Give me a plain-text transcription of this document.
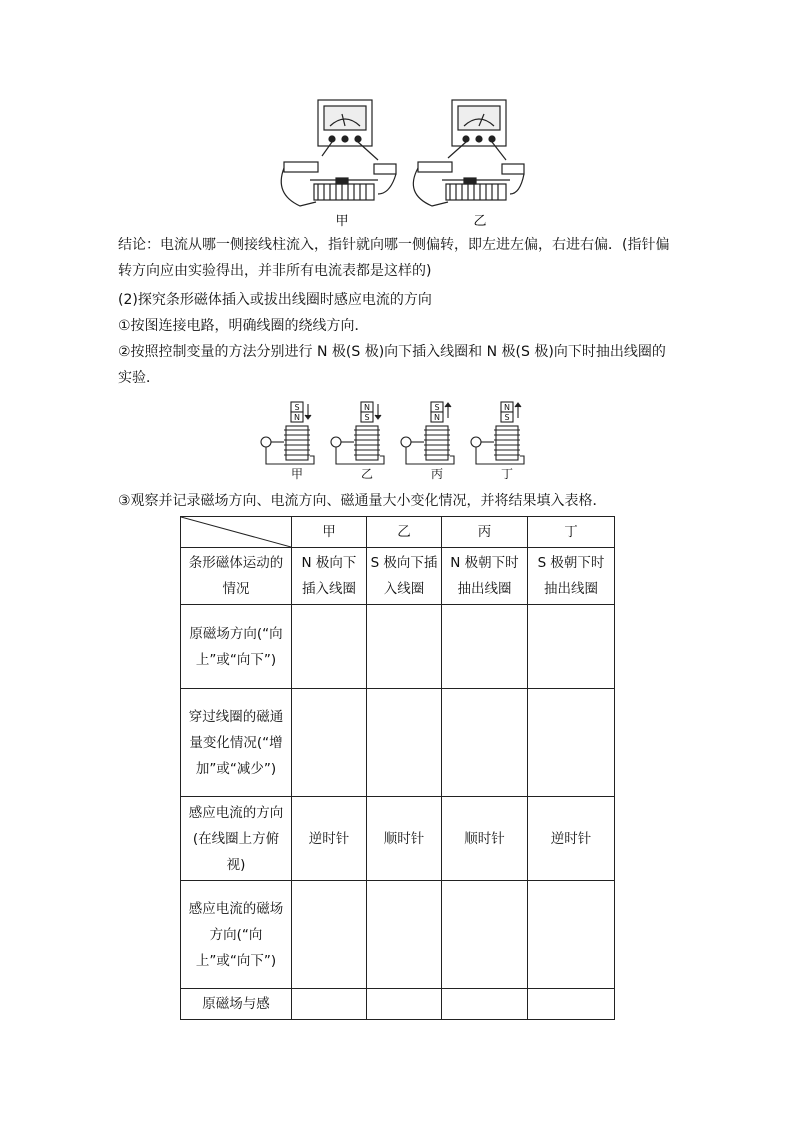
甲	乙

结论：电流从哪一侧接线柱流入，指针就向哪一侧偏转，即左进左偏，右进右偏．(指针偏转方向应由实验得出，并非所有电流表都是这样的)

(2)探究条形磁体插入或拔出线圈时感应电流的方向

①按图连接电路，明确线圈的绕线方向．

②按照控制变量的方法分别进行 N 极(S 极)向下插入线圈和 N 极(S 极)向下时抽出线圈的实验．

S
N
N
S
S
N
N
S
甲	乙	丙	丁

③观察并记录磁场方向、电流方向、磁通量大小变化情况，并将结果填入表格．

	甲	乙	丙	丁
条形磁体运动的情况	N 极向下插入线圈	S 极向下插入线圈	N 极朝下时抽出线圈	S 极朝下时抽出线圈
原磁场方向(“向上”或“向下”)				
穿过线圈的磁通量变化情况(“增加”或“减少”)				
感应电流的方向(在线圈上方俯视)	逆时针	顺时针	顺时针	逆时针
感应电流的磁场方向(“向上”或“向下”)				
原磁场与感				
